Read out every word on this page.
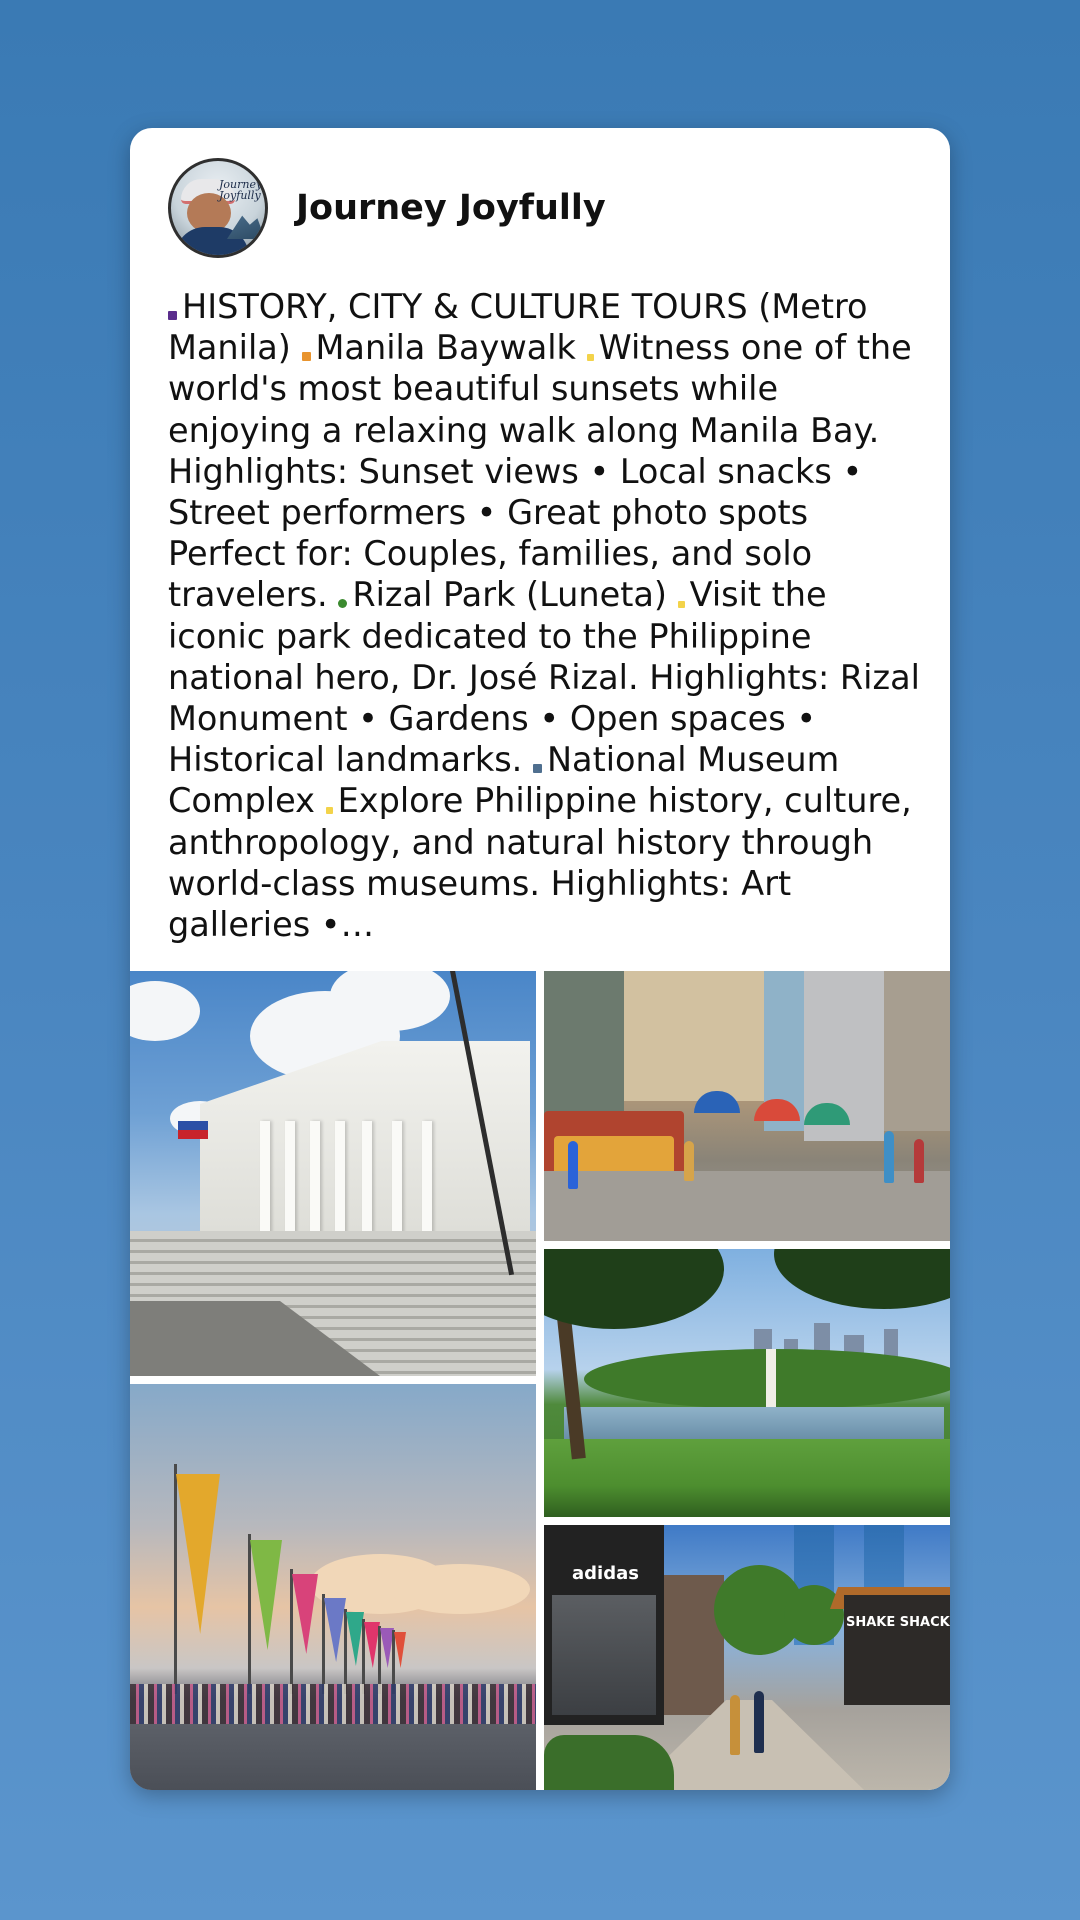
Journey Joyfully Journey Joyfully

HISTORY, CITY & CULTURE TOURS (Metro Manila) Manila Baywalk Witness one of the world's most beautiful sunsets while enjoying a relaxing walk along Manila Bay. Highlights: Sunset views • Local snacks • Street performers • Great photo spots Perfect for: Couples, families, and solo travelers. Rizal Park (Luneta) Visit the iconic park dedicated to the Philippine national hero, Dr. José Rizal. Highlights: Rizal Monument • Gardens • Open spaces • Historical landmarks. National Museum Complex Explore Philippine history, culture, anthropology, and natural history through world-class museums. Highlights: Art galleries •…

adidas
SHAKE SHACK
